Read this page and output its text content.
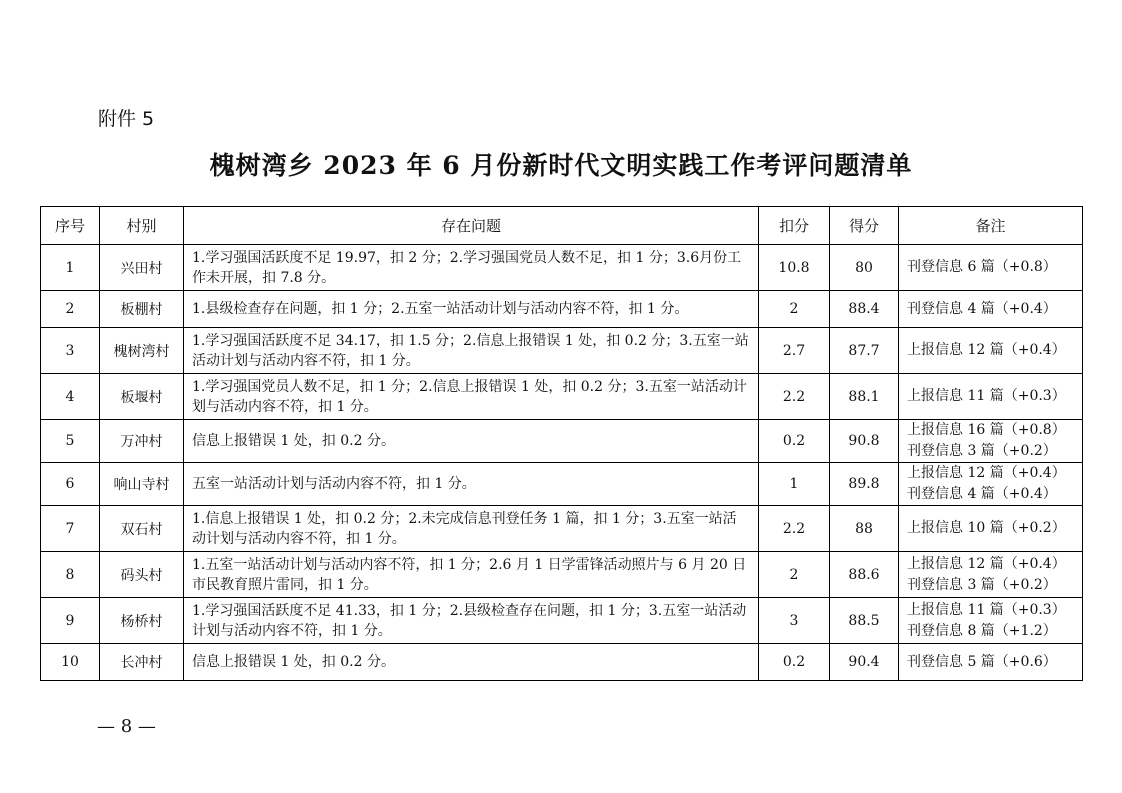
附件 5
槐树湾乡 2023 年 6 月份新时代文明实践工作考评问题清单
序号	村别	存在问题	扣分	得分	备注
1	兴田村	1.学习强国活跃度不足 19.97，扣 2 分；2.学习强国党员人数不足，扣 1 分；3.6月份工作未开展，扣 7.8 分。	10.8	80	刊登信息 6 篇（+0.8）

2	板棚村	1.县级检查存在问题，扣 1 分；2.五室一站活动计划与活动内容不符，扣 1 分。	2	88.4	刊登信息 4 篇（+0.4）

3	槐树湾村	1.学习强国活跃度不足 34.17，扣 1.5 分；2.信息上报错误 1 处，扣 0.2 分；3.五室一站活动计划与活动内容不符，扣 1 分。	2.7	87.7	上报信息 12 篇（+0.4）

4	板堰村	1.学习强国党员人数不足，扣 1 分；2.信息上报错误 1 处，扣 0.2 分；3.五室一站活动计划与活动内容不符，扣 1 分。	2.2	88.1	上报信息 11 篇（+0.3）

5	万冲村	信息上报错误 1 处，扣 0.2 分。	0.2	90.8	上报信息 16 篇（+0.8）
刊登信息 3 篇（+0.2）

6	响山寺村	五室一站活动计划与活动内容不符，扣 1 分。	1	89.8	上报信息 12 篇（+0.4）
刊登信息 4 篇（+0.4）

7	双石村	1.信息上报错误 1 处，扣 0.2 分；2.未完成信息刊登任务 1 篇，扣 1 分；3.五室一站活动计划与活动内容不符，扣 1 分。	2.2	88	上报信息 10 篇（+0.2）

8	码头村	1.五室一站活动计划与活动内容不符，扣 1 分；2.6 月 1 日学雷锋活动照片与 6 月 20 日市民教育照片雷同，扣 1 分。	2	88.6	上报信息 12 篇（+0.4）
刊登信息 3 篇（+0.2）

9	杨桥村	1.学习强国活跃度不足 41.33，扣 1 分；2.县级检查存在问题，扣 1 分；3.五室一站活动计划与活动内容不符，扣 1 分。	3	88.5	上报信息 11 篇（+0.3）
刊登信息 8 篇（+1.2）

10	长冲村	信息上报错误 1 处，扣 0.2 分。	0.2	90.4	刊登信息 5 篇（+0.6）
— 8 —
